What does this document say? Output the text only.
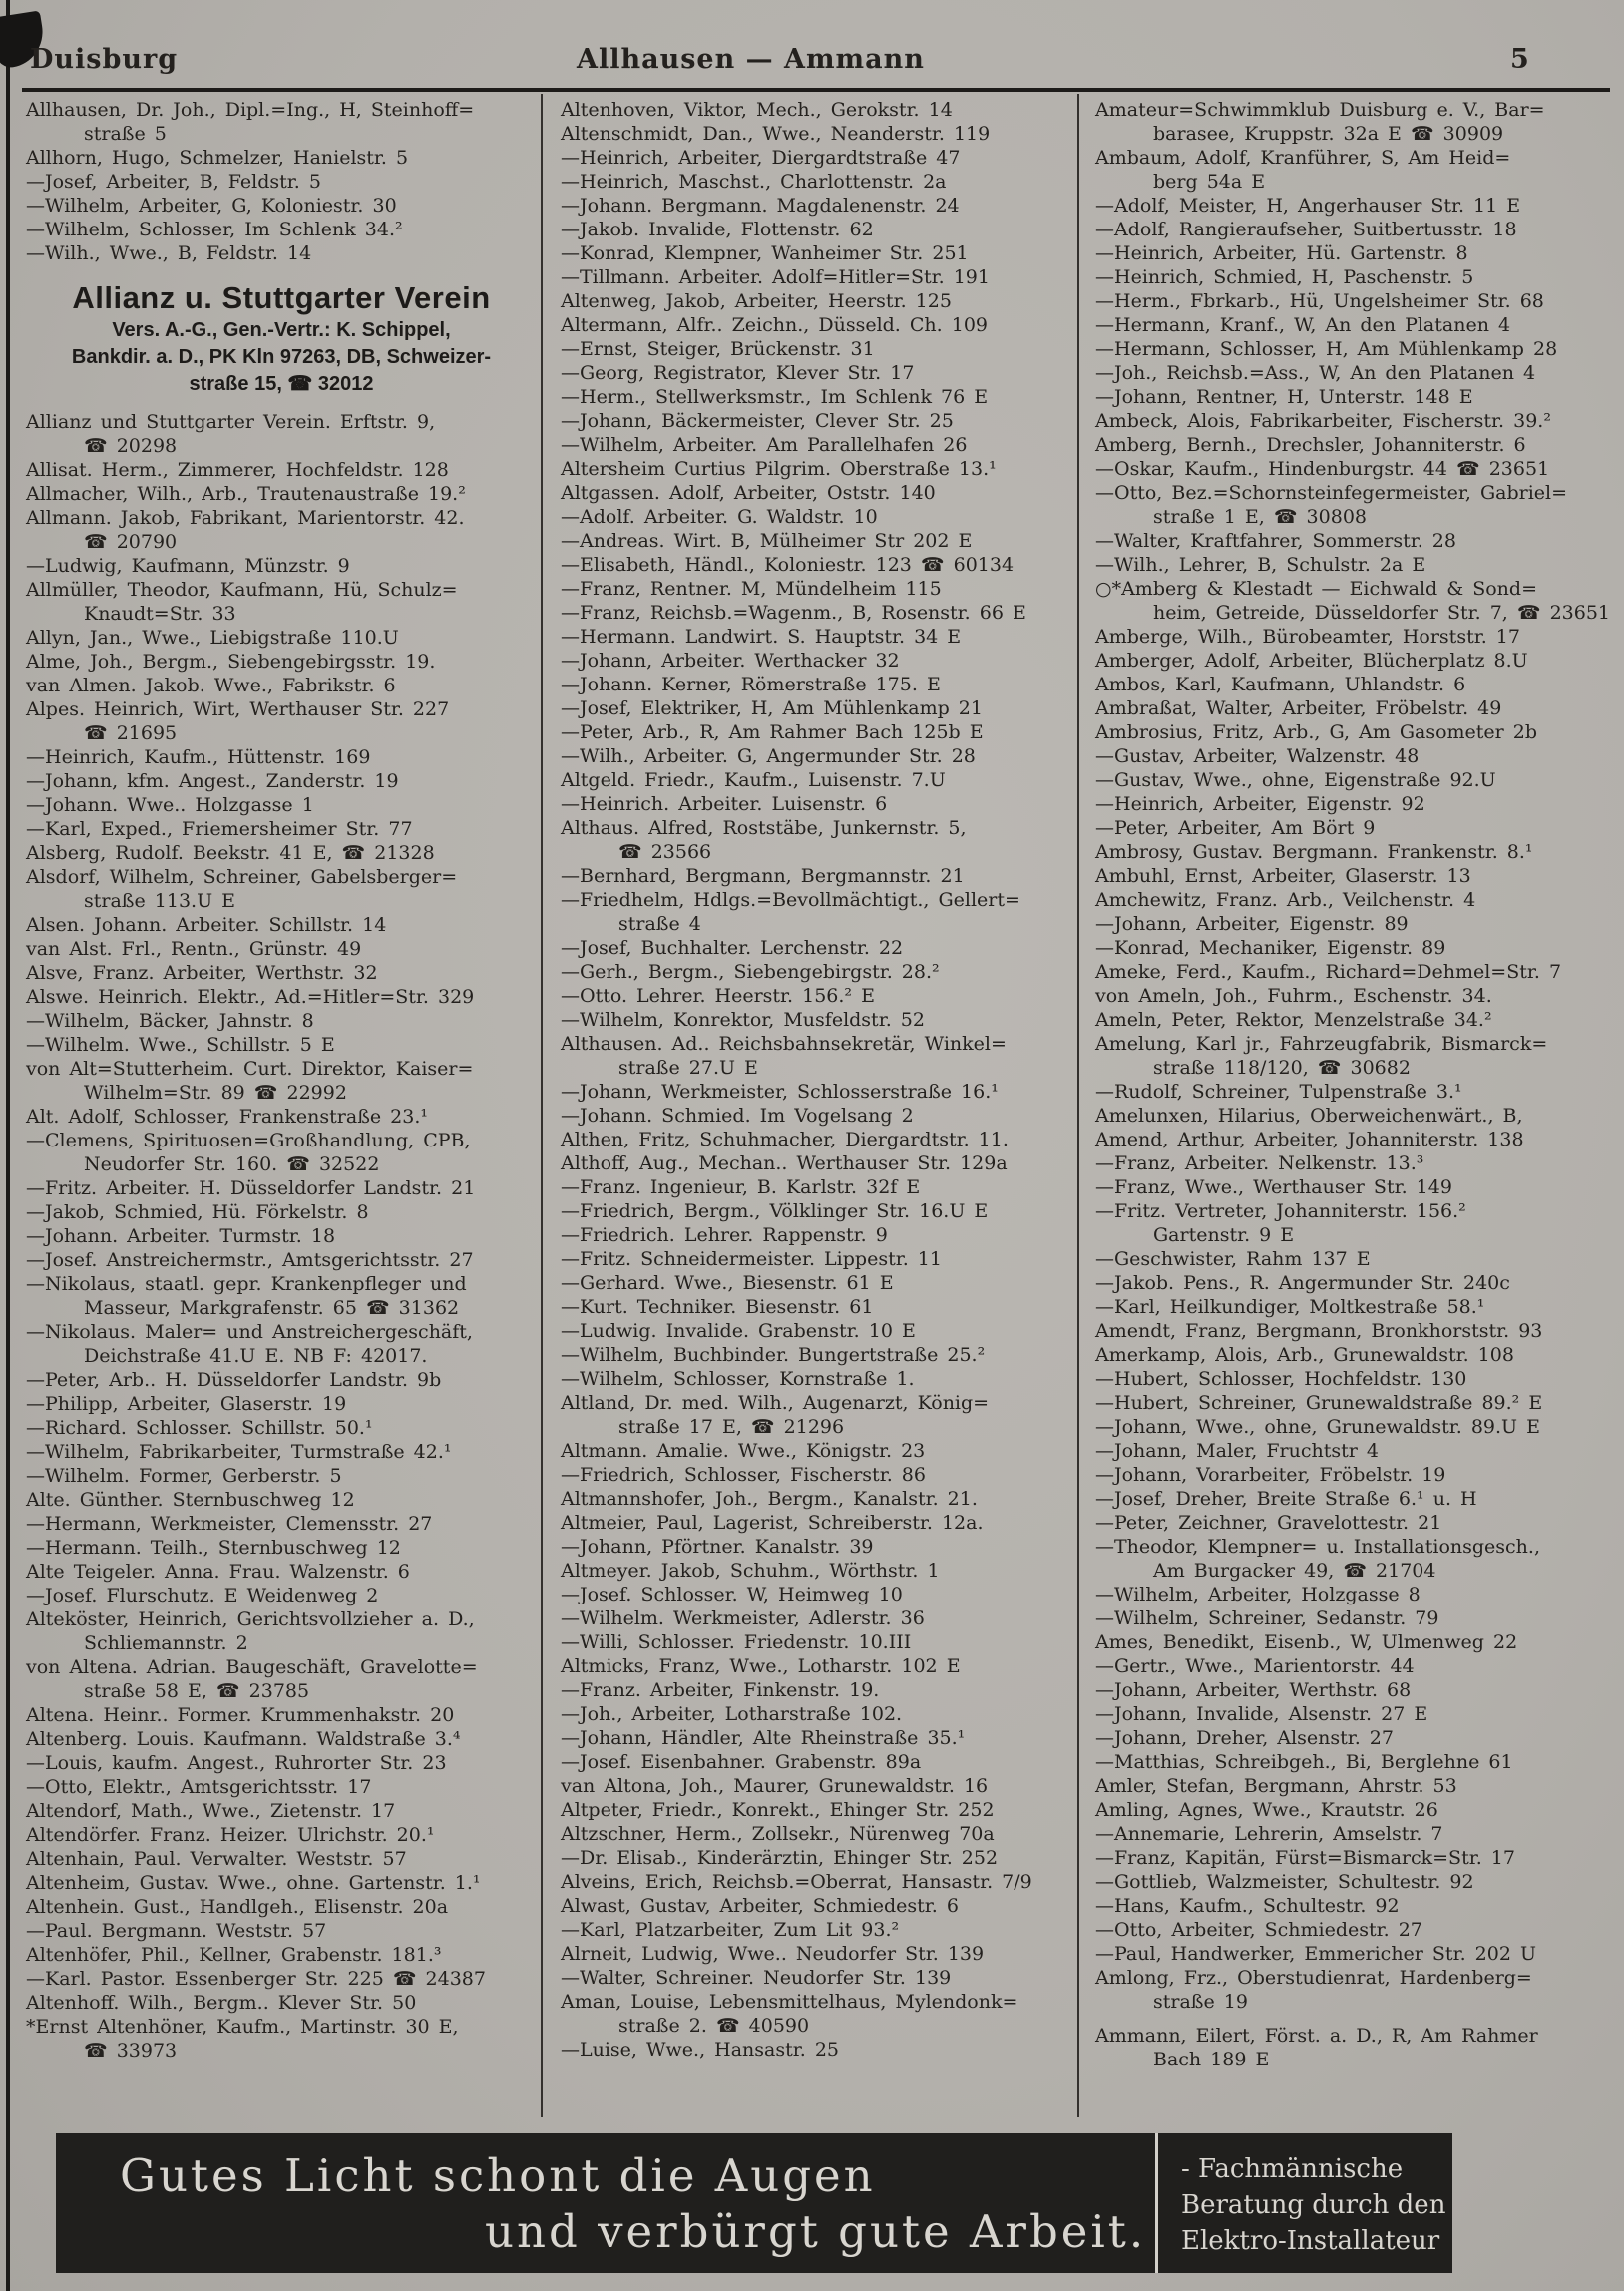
Duisburg	Allhausen — Ammann	5
Allhausen, Dr. Joh., Dipl.=Ing., H, Steinhoff=
straße 5
Allhorn, Hugo, Schmelzer, Hanielstr. 5
—Josef, Arbeiter, B, Feldstr. 5
—Wilhelm, Arbeiter, G, Koloniestr. 30
—Wilhelm, Schlosser, Im Schlenk 34.²
—Wilh., Wwe., B, Feldstr. 14
Allianz u. Stuttgarter Verein
Vers. A.-G., Gen.-Vertr.: K. Schippel,
Bankdir. a. D., PK Kln 97263, DB, Schweizer-
straße 15, ☎ 32012
Allianz und Stuttgarter Verein. Erftstr. 9,
☎ 20298
Allisat. Herm., Zimmerer, Hochfeldstr. 128
Allmacher, Wilh., Arb., Trautenaustraße 19.²
Allmann. Jakob, Fabrikant, Marientorstr. 42.
☎ 20790
—Ludwig, Kaufmann, Münzstr. 9
Allmüller, Theodor, Kaufmann, Hü, Schulz=
Knaudt=Str. 33
Allyn, Jan., Wwe., Liebigstraße 110.U
Alme, Joh., Bergm., Siebengebirgsstr. 19.
van Almen. Jakob. Wwe., Fabrikstr. 6
Alpes. Heinrich, Wirt, Werthauser Str. 227
☎ 21695
—Heinrich, Kaufm., Hüttenstr. 169
—Johann, kfm. Angest., Zanderstr. 19
—Johann. Wwe.. Holzgasse 1
—Karl, Exped., Friemersheimer Str. 77
Alsberg, Rudolf. Beekstr. 41 E, ☎ 21328
Alsdorf, Wilhelm, Schreiner, Gabelsberger=
straße 113.U E
Alsen. Johann. Arbeiter. Schillstr. 14
van Alst. Frl., Rentn., Grünstr. 49
Alsve, Franz. Arbeiter, Werthstr. 32
Alswe. Heinrich. Elektr., Ad.=Hitler=Str. 329
—Wilhelm, Bäcker, Jahnstr. 8
—Wilhelm. Wwe., Schillstr. 5 E
von Alt=Stutterheim. Curt. Direktor, Kaiser=
Wilhelm=Str. 89 ☎ 22992
Alt. Adolf, Schlosser, Frankenstraße 23.¹
—Clemens, Spirituosen=Großhandlung, CPB,
Neudorfer Str. 160. ☎ 32522
—Fritz. Arbeiter. H. Düsseldorfer Landstr. 21
—Jakob, Schmied, Hü. Förkelstr. 8
—Johann. Arbeiter. Turmstr. 18
—Josef. Anstreichermstr., Amtsgerichtsstr. 27
—Nikolaus, staatl. gepr. Krankenpfleger und
Masseur, Markgrafenstr. 65 ☎ 31362
—Nikolaus. Maler= und Anstreichergeschäft,
Deichstraße 41.U E. NB F: 42017.
—Peter, Arb.. H. Düsseldorfer Landstr. 9b
—Philipp, Arbeiter, Glaserstr. 19
—Richard. Schlosser. Schillstr. 50.¹
—Wilhelm, Fabrikarbeiter, Turmstraße 42.¹
—Wilhelm. Former, Gerberstr. 5
Alte. Günther. Sternbuschweg 12
—Hermann, Werkmeister, Clemensstr. 27
—Hermann. Teilh., Sternbuschweg 12
Alte Teigeler. Anna. Frau. Walzenstr. 6
—Josef. Flurschutz. E Weidenweg 2
Alteköster, Heinrich, Gerichtsvollzieher a. D.,
Schliemannstr. 2
von Altena. Adrian. Baugeschäft, Gravelotte=
straße 58 E, ☎ 23785
Altena. Heinr.. Former. Krummenhakstr. 20
Altenberg. Louis. Kaufmann. Waldstraße 3.⁴
—Louis, kaufm. Angest., Ruhrorter Str. 23
—Otto, Elektr., Amtsgerichtsstr. 17
Altendorf, Math., Wwe., Zietenstr. 17
Altendörfer. Franz. Heizer. Ulrichstr. 20.¹
Altenhain, Paul. Verwalter. Weststr. 57
Altenheim, Gustav. Wwe., ohne. Gartenstr. 1.¹
Altenhein. Gust., Handlgeh., Elisenstr. 20a
—Paul. Bergmann. Weststr. 57
Altenhöfer, Phil., Kellner, Grabenstr. 181.³
—Karl. Pastor. Essenberger Str. 225 ☎ 24387
Altenhoff. Wilh., Bergm.. Klever Str. 50
*Ernst Altenhöner, Kaufm., Martinstr. 30 E,
☎ 33973
Altenhoven, Viktor, Mech., Gerokstr. 14
Altenschmidt, Dan., Wwe., Neanderstr. 119
—Heinrich, Arbeiter, Diergardtstraße 47
—Heinrich, Maschst., Charlottenstr. 2a
—Johann. Bergmann. Magdalenenstr. 24
—Jakob. Invalide, Flottenstr. 62
—Konrad, Klempner, Wanheimer Str. 251
—Tillmann. Arbeiter. Adolf=Hitler=Str. 191
Altenweg, Jakob, Arbeiter, Heerstr. 125
Altermann, Alfr.. Zeichn., Düsseld. Ch. 109
—Ernst, Steiger, Brückenstr. 31
—Georg, Registrator, Klever Str. 17
—Herm., Stellwerksmstr., Im Schlenk 76 E
—Johann, Bäckermeister, Clever Str. 25
—Wilhelm, Arbeiter. Am Parallelhafen 26
Altersheim Curtius Pilgrim. Oberstraße 13.¹
Altgassen. Adolf, Arbeiter, Oststr. 140
—Adolf. Arbeiter. G. Waldstr. 10
—Andreas. Wirt. B, Mülheimer Str 202 E
—Elisabeth, Händl., Koloniestr. 123 ☎ 60134
—Franz, Rentner. M, Mündelheim 115
—Franz, Reichsb.=Wagenm., B, Rosenstr. 66 E
—Hermann. Landwirt. S. Hauptstr. 34 E
—Johann, Arbeiter. Werthacker 32
—Johann. Kerner, Römerstraße 175. E
—Josef, Elektriker, H, Am Mühlenkamp 21
—Peter, Arb., R, Am Rahmer Bach 125b E
—Wilh., Arbeiter. G, Angermunder Str. 28
Altgeld. Friedr., Kaufm., Luisenstr. 7.U
—Heinrich. Arbeiter. Luisenstr. 6
Althaus. Alfred, Roststäbe, Junkernstr. 5,
☎ 23566
—Bernhard, Bergmann, Bergmannstr. 21
—Friedhelm, Hdlgs.=Bevollmächtigt., Gellert=
straße 4
—Josef, Buchhalter. Lerchenstr. 22
—Gerh., Bergm., Siebengebirgstr. 28.²
—Otto. Lehrer. Heerstr. 156.² E
—Wilhelm, Konrektor, Musfeldstr. 52
Althausen. Ad.. Reichsbahnsekretär, Winkel=
straße 27.U E
—Johann, Werkmeister, Schlosserstraße 16.¹
—Johann. Schmied. Im Vogelsang 2
Althen, Fritz, Schuhmacher, Diergardtstr. 11.
Althoff, Aug., Mechan.. Werthauser Str. 129a
—Franz. Ingenieur, B. Karlstr. 32f E
—Friedrich, Bergm., Völklinger Str. 16.U E
—Friedrich. Lehrer. Rappenstr. 9
—Fritz. Schneidermeister. Lippestr. 11
—Gerhard. Wwe., Biesenstr. 61 E
—Kurt. Techniker. Biesenstr. 61
—Ludwig. Invalide. Grabenstr. 10 E
—Wilhelm, Buchbinder. Bungertstraße 25.²
—Wilhelm, Schlosser, Kornstraße 1.
Altland, Dr. med. Wilh., Augenarzt, König=
straße 17 E, ☎ 21296
Altmann. Amalie. Wwe., Königstr. 23
—Friedrich, Schlosser, Fischerstr. 86
Altmannshofer, Joh., Bergm., Kanalstr. 21.
Altmeier, Paul, Lagerist, Schreiberstr. 12a.
—Johann, Pförtner. Kanalstr. 39
Altmeyer. Jakob, Schuhm., Wörthstr. 1
—Josef. Schlosser. W, Heimweg 10
—Wilhelm. Werkmeister, Adlerstr. 36
—Willi, Schlosser. Friedenstr. 10.III
Altmicks, Franz, Wwe., Lotharstr. 102 E
—Franz. Arbeiter, Finkenstr. 19.
—Joh., Arbeiter, Lotharstraße 102.
—Johann, Händler, Alte Rheinstraße 35.¹
—Josef. Eisenbahner. Grabenstr. 89a
van Altona, Joh., Maurer, Grunewaldstr. 16
Altpeter, Friedr., Konrekt., Ehinger Str. 252
Altzschner, Herm., Zollsekr., Nürenweg 70a
—Dr. Elisab., Kinderärztin, Ehinger Str. 252
Alveins, Erich, Reichsb.=Oberrat, Hansastr. 7/9
Alwast, Gustav, Arbeiter, Schmiedestr. 6
—Karl, Platzarbeiter, Zum Lit 93.²
Alrneit, Ludwig, Wwe.. Neudorfer Str. 139
—Walter, Schreiner. Neudorfer Str. 139
Aman, Louise, Lebensmittelhaus, Mylendonk=
straße 2. ☎ 40590
—Luise, Wwe., Hansastr. 25
Amateur=Schwimmklub Duisburg e. V., Bar=
barasee, Kruppstr. 32a E ☎ 30909
Ambaum, Adolf, Kranführer, S, Am Heid=
berg 54a E
—Adolf, Meister, H, Angerhauser Str. 11 E
—Adolf, Rangieraufseher, Suitbertusstr. 18
—Heinrich, Arbeiter, Hü. Gartenstr. 8
—Heinrich, Schmied, H, Paschenstr. 5
—Herm., Fbrkarb., Hü, Ungelsheimer Str. 68
—Hermann, Kranf., W, An den Platanen 4
—Hermann, Schlosser, H, Am Mühlenkamp 28
—Joh., Reichsb.=Ass., W, An den Platanen 4
—Johann, Rentner, H, Unterstr. 148 E
Ambeck, Alois, Fabrikarbeiter, Fischerstr. 39.²
Amberg, Bernh., Drechsler, Johanniterstr. 6
—Oskar, Kaufm., Hindenburgstr. 44 ☎ 23651
—Otto, Bez.=Schornsteinfegermeister, Gabriel=
straße 1 E, ☎ 30808
—Walter, Kraftfahrer, Sommerstr. 28
—Wilh., Lehrer, B, Schulstr. 2a E
○*Amberg & Klestadt — Eichwald & Sond=
heim, Getreide, Düsseldorfer Str. 7, ☎ 23651
Amberge, Wilh., Bürobeamter, Horststr. 17
Amberger, Adolf, Arbeiter, Blücherplatz 8.U
Ambos, Karl, Kaufmann, Uhlandstr. 6
Ambraßat, Walter, Arbeiter, Fröbelstr. 49
Ambrosius, Fritz, Arb., G, Am Gasometer 2b
—Gustav, Arbeiter, Walzenstr. 48
—Gustav, Wwe., ohne, Eigenstraße 92.U
—Heinrich, Arbeiter, Eigenstr. 92
—Peter, Arbeiter, Am Bört 9
Ambrosy, Gustav. Bergmann. Frankenstr. 8.¹
Ambuhl, Ernst, Arbeiter, Glaserstr. 13
Amchewitz, Franz. Arb., Veilchenstr. 4
—Johann, Arbeiter, Eigenstr. 89
—Konrad, Mechaniker, Eigenstr. 89
Ameke, Ferd., Kaufm., Richard=Dehmel=Str. 7
von Ameln, Joh., Fuhrm., Eschenstr. 34.
Ameln, Peter, Rektor, Menzelstraße 34.²
Amelung, Karl jr., Fahrzeugfabrik, Bismarck=
straße 118/120, ☎ 30682
—Rudolf, Schreiner, Tulpenstraße 3.¹
Amelunxen, Hilarius, Oberweichenwärt., B,
Amend, Arthur, Arbeiter, Johanniterstr. 138
—Franz, Arbeiter. Nelkenstr. 13.³
—Franz, Wwe., Werthauser Str. 149
—Fritz. Vertreter, Johanniterstr. 156.²
Gartenstr. 9 E
—Geschwister, Rahm 137 E
—Jakob. Pens., R. Angermunder Str. 240c
—Karl, Heilkundiger, Moltkestraße 58.¹
Amendt, Franz, Bergmann, Bronkhorststr. 93
Amerkamp, Alois, Arb., Grunewaldstr. 108
—Hubert, Schlosser, Hochfeldstr. 130
—Hubert, Schreiner, Grunewaldstraße 89.² E
—Johann, Wwe., ohne, Grunewaldstr. 89.U E
—Johann, Maler, Fruchtstr 4
—Johann, Vorarbeiter, Fröbelstr. 19
—Josef, Dreher, Breite Straße 6.¹ u. H
—Peter, Zeichner, Gravelottestr. 21
—Theodor, Klempner= u. Installationsgesch.,
Am Burgacker 49, ☎ 21704
—Wilhelm, Arbeiter, Holzgasse 8
—Wilhelm, Schreiner, Sedanstr. 79
Ames, Benedikt, Eisenb., W, Ulmenweg 22
—Gertr., Wwe., Marientorstr. 44
—Johann, Arbeiter, Werthstr. 68
—Johann, Invalide, Alsenstr. 27 E
—Johann, Dreher, Alsenstr. 27
—Matthias, Schreibgeh., Bi, Berglehne 61
Amler, Stefan, Bergmann, Ahrstr. 53
Amling, Agnes, Wwe., Krautstr. 26
—Annemarie, Lehrerin, Amselstr. 7
—Franz, Kapitän, Fürst=Bismarck=Str. 17
—Gottlieb, Walzmeister, Schultestr. 92
—Hans, Kaufm., Schultestr. 92
—Otto, Arbeiter, Schmiedestr. 27
—Paul, Handwerker, Emmericher Str. 202 U
Amlong, Frz., Oberstudienrat, Hardenberg=
straße 19
Ammann, Eilert, Först. a. D., R, Am Rahmer
Bach 189 E
Gutes Licht schont die Augen
und verbürgt gute Arbeit.
- Fachmännische
Beratung durch den
Elektro-Installateur
